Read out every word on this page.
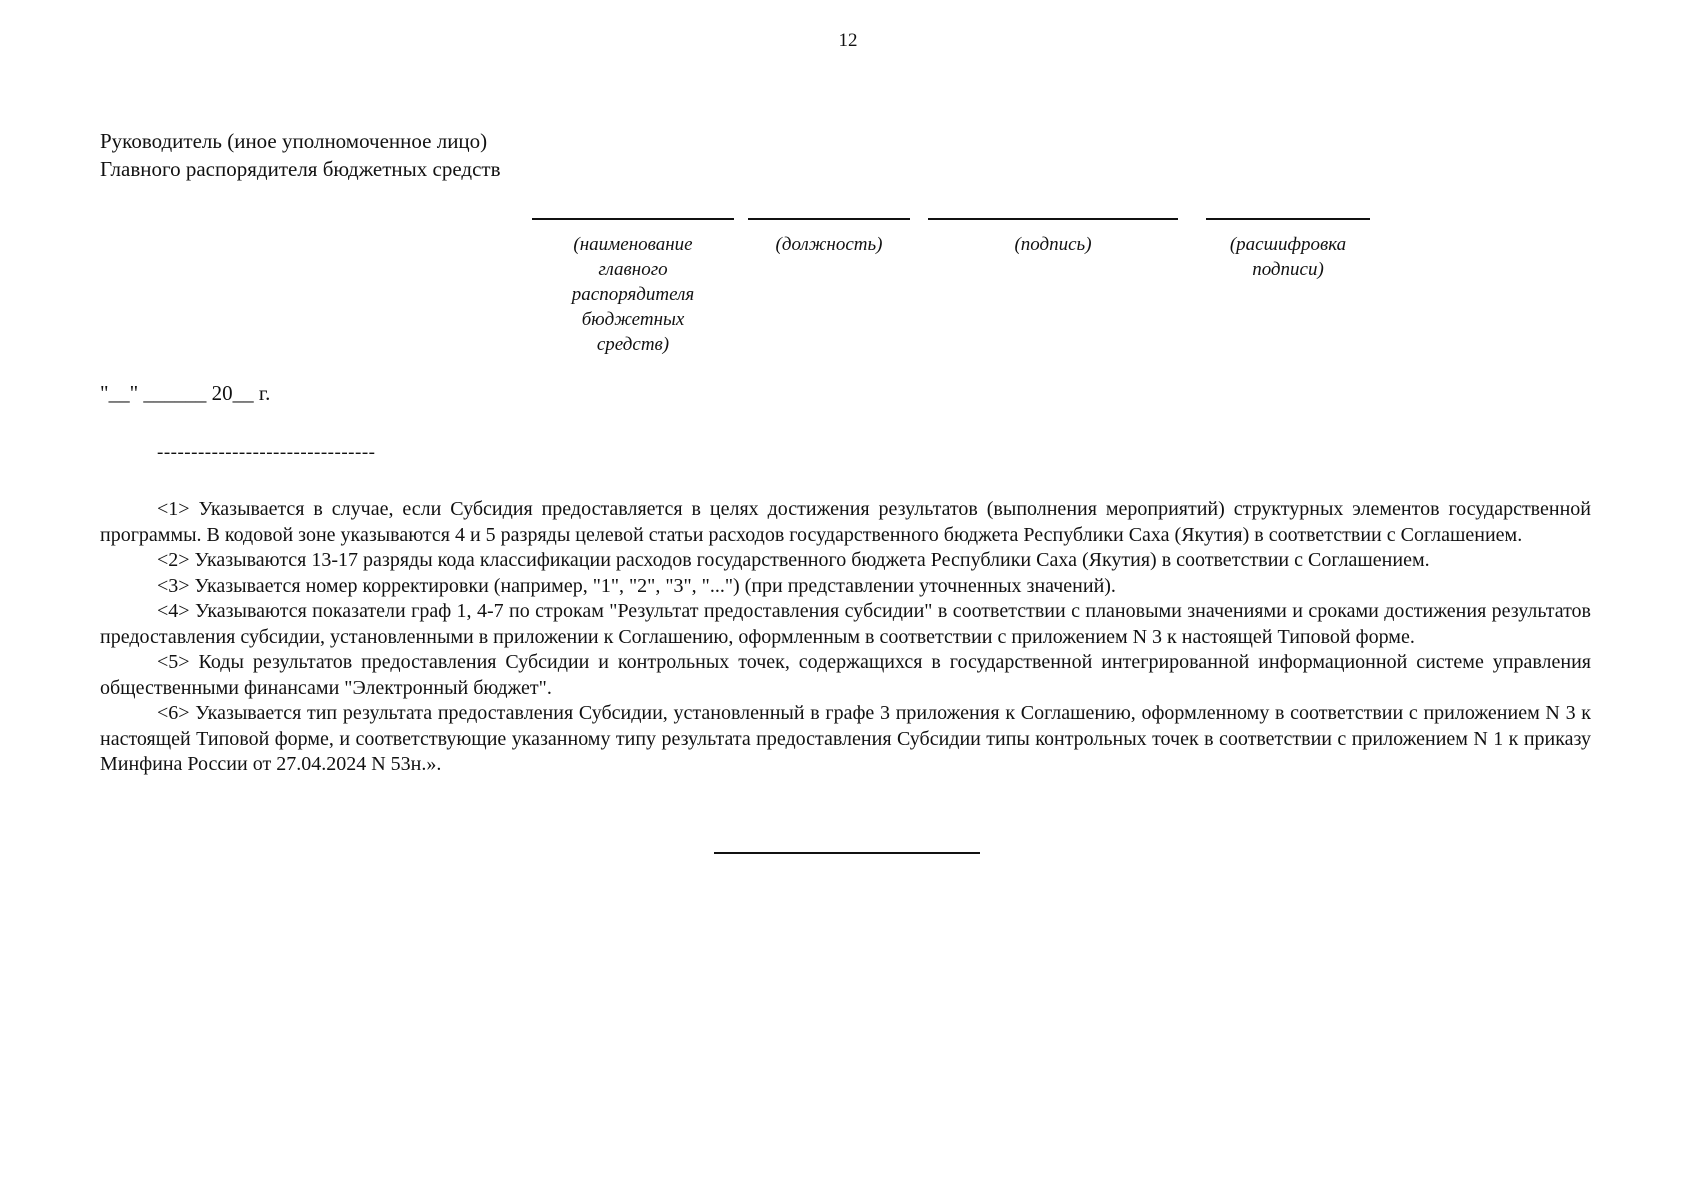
12
Руководитель (иное уполномоченное лицо) Главного распорядителя бюджетных средств
(наименование главного распорядителя бюджетных средств)
(должность)	(подпись)	(расшифровка подписи)
"__" ______ 20__ г.
--------------------------------

<1> Указывается в случае, если Субсидия предоставляется в целях достижения результатов (выполнения мероприятий) структурных элементов государственной программы. В кодовой зоне указываются 4 и 5 разряды целевой статьи расходов государственного бюджета Республики Саха (Якутия) в соответствии с Соглашением.

<2> Указываются 13-17 разряды кода классификации расходов государственного бюджета Республики Саха (Якутия) в соответствии с Соглашением.

<3> Указывается номер корректировки (например, "1", "2", "3", "...") (при представлении уточненных значений).

<4> Указываются показатели граф 1, 4-7 по строкам "Результат предоставления субсидии" в соответствии с плановыми значениями и сроками достижения результатов предоставления субсидии, установленными в приложении к Соглашению, оформленным в соответствии с приложением N 3 к настоящей Типовой форме.

<5> Коды результатов предоставления Субсидии и контрольных точек, содержащихся в государственной интегрированной информационной системе управления общественными финансами "Электронный бюджет".

<6> Указывается тип результата предоставления Субсидии, установленный в графе 3 приложения к Соглашению, оформленному в соответствии с приложением N 3 к настоящей Типовой форме, и соответствующие указанному типу результата предоставления Субсидии типы контрольных точек в соответствии с приложением N 1 к приказу Минфина России от 27.04.2024 N 53н.».
